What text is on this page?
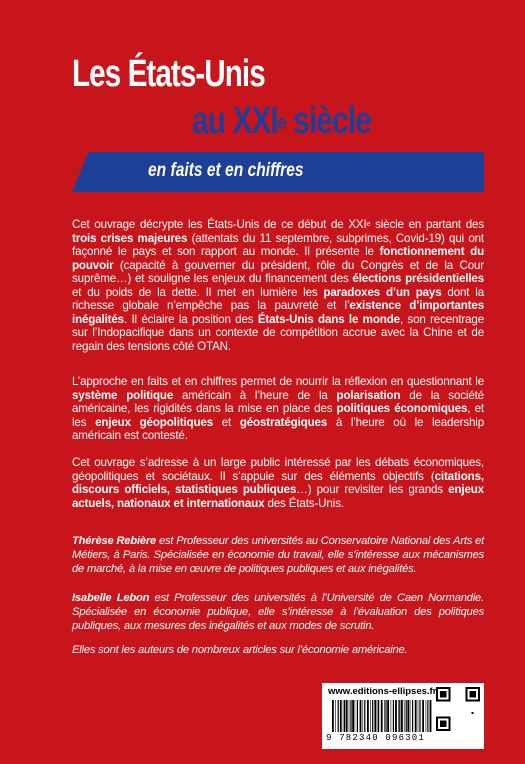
Les États-Unis
au XXIe siècle
en faits et en chiffres
Cet ouvrage décrypte les États-Unis de ce début de XXIe siècle en partant des trois crises majeures (attentats du 11 septembre, subprimes, Covid-19) qui ont façonné le pays et son rapport au monde. Il présente le fonctionnement du pouvoir (capacité à gouverner du président, rôle du Congrès et de la Cour suprême…) et souligne les enjeux du financement des élections présidentielles et du poids de la dette. Il met en lumière les paradoxes d’un pays dont la richesse globale n’empêche pas la pauvreté et l’existence d’importantes inégalités. Il éclaire la position des États-Unis dans le monde, son recentrage sur l’Indopacifique dans un contexte de compétition accrue avec la Chine et de regain des tensions côté OTAN.
L’approche en faits et en chiffres permet de nourrir la réflexion en questionnant le système politique américain à l’heure de la polarisation de la société américaine, les rigidités dans la mise en place des politiques économiques, et les enjeux géopolitiques et géostratégiques à l’heure où le leadership américain est contesté.
Cet ouvrage s’adresse à un large public intéressé par les débats économiques, géopolitiques et sociétaux. Il s’appuie sur des éléments objectifs (citations, discours officiels, statistiques publiques…) pour revisiter les grands enjeux actuels, nationaux et internationaux des États-Unis.
Thérèse Rebière est Professeur des universités au Conservatoire National des Arts et Métiers, à Paris. Spécialisée en économie du travail, elle s’intéresse aux mécanismes de marché, à la mise en œuvre de politiques publiques et aux inégalités.
Isabelle Lebon est Professeur des universités à l’Université de Caen Normandie. Spécialisée en économie publique, elle s’intéresse à l’évaluation des politiques publiques, aux mesures des inégalités et aux modes de scrutin.
Elles sont les auteurs de nombreux articles sur l’économie américaine.
www.editions-ellipses.fr
9 782340 096301
